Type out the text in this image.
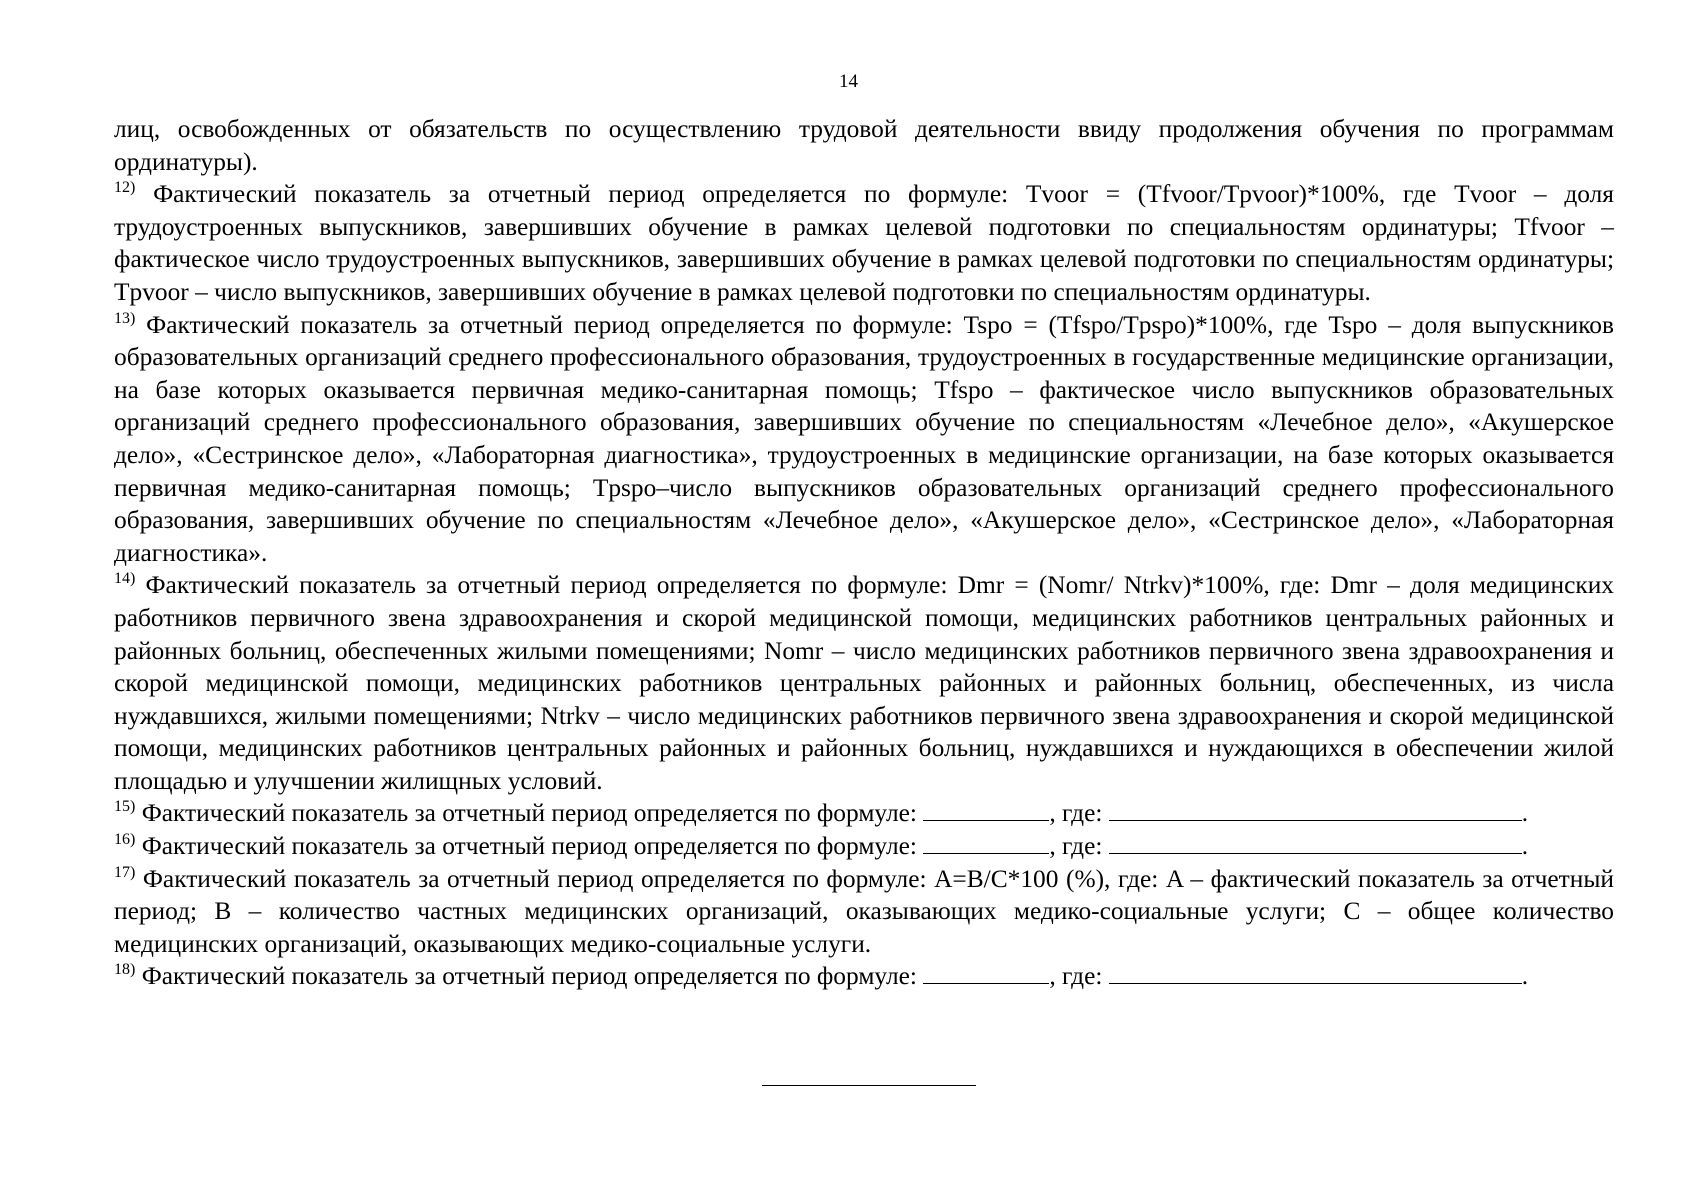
14

лиц, освобожденных от обязательств по осуществлению трудовой деятельности ввиду продолжения обучения по программам ординатуры).

$^{12)}$ Фактический показатель за отчетный период определяется по формуле: Tvoor = (Tfvoor/Tpvoor)*100%, где Tvoor – доля трудоустроенных выпускников, завершивших обучение в рамках целевой подготовки по специальностям ординатуры; Tfvoor – фактическое число трудоустроенных выпускников, завершивших обучение в рамках целевой подготовки по специальностям ординатуры; Tpvoor – число выпускников, завершивших обучение в рамках целевой подготовки по специальностям ординатуры.

$^{13)}$ Фактический показатель за отчетный период определяется по формуле: Tspo = (Tfspo/Tpspo)*100%, где Tspo – доля выпускников образовательных организаций среднего профессионального образования, трудоустроенных в государственные медицинские организации, на базе которых оказывается первичная медико-санитарная помощь; Tfspo – фактическое число выпускников образовательных организаций среднего профессионального образования, завершивших обучение по специальностям «Лечебное дело», «Акушерское дело», «Сестринское дело», «Лабораторная диагностика», трудоустроенных в медицинские организации, на базе которых оказывается первичная медико-санитарная помощь; Tpspo–число выпускников образовательных организаций среднего профессионального образования, завершивших обучение по специальностям «Лечебное дело», «Акушерское дело», «Сестринское дело», «Лабораторная диагностика».

$^{14)}$ Фактический показатель за отчетный период определяется по формуле: Dmr = (Nomr/ Ntrkv)*100%, где: Dmr – доля медицинских работников первичного звена здравоохранения и скорой медицинской помощи, медицинских работников центральных районных и районных больниц, обеспеченных жилыми помещениями; Nomr – число медицинских работников первичного звена здравоохранения и скорой медицинской помощи, медицинских работников центральных районных и районных больниц, обеспеченных, из числа нуждавшихся, жилыми помещениями; Ntrkv – число медицинских работников первичного звена здравоохранения и скорой медицинской помощи, медицинских работников центральных районных и районных больниц, нуждавшихся и нуждающихся в обеспечении жилой площадью и улучшении жилищных условий.

$^{15)}$ Фактический показатель за отчетный период определяется по формуле:	, где:	.

$^{16)}$ Фактический показатель за отчетный период определяется по формуле:	, где:	.

$^{17)}$ Фактический показатель за отчетный период определяется по формуле: A=B/C*100 (%), где: A – фактический показатель за отчетный период; B – количество частных медицинских организаций, оказывающих медико-социальные услуги; C – общее количество медицинских организаций, оказывающих медико-социальные услуги.

$^{18)}$ Фактический показатель за отчетный период определяется по формуле:	, где:	.
